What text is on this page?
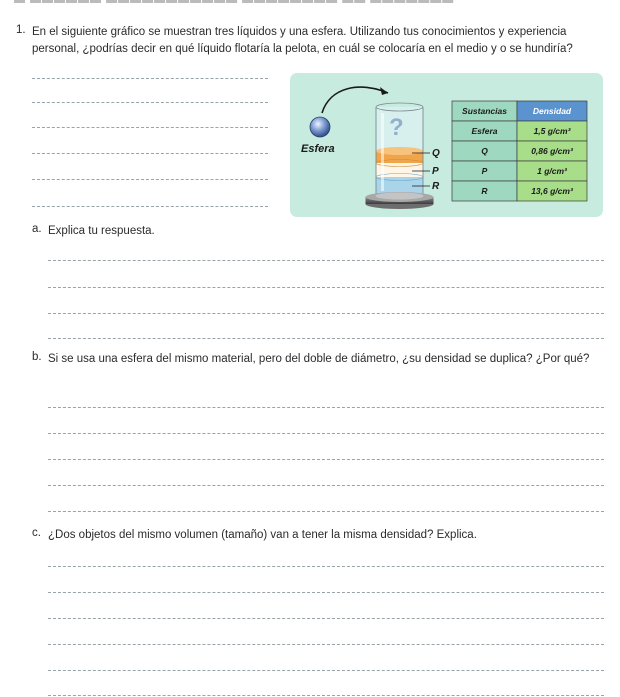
▬ ▬▬▬▬▬▬ ▬▬▬▬▬▬▬▬▬▬▬ ▬▬▬▬▬▬▬▬ ▬▬ ▬▬▬▬▬▬▬
1. En el siguiente gráfico se muestran tres líquidos y una esfera. Utilizando tus conocimientos y experiencia personal, ¿podrías decir en qué líquido flotaría la pelota, en cuál se colocaría en el medio y o se hundiría?
Esfera	Q
P
R
Sustancias	Densidad
Esfera	1,5 g/cm³
Q	0,86 g/cm³
P	1 g/cm³
R	13,6 g/cm³
a. Explica tu respuesta.
b. Si se usa una esfera del mismo material, pero del doble de diámetro, ¿su densidad se duplica? ¿Por qué?
c. ¿Dos objetos del mismo volumen (tamaño) van a tener la misma densidad? Explica.
